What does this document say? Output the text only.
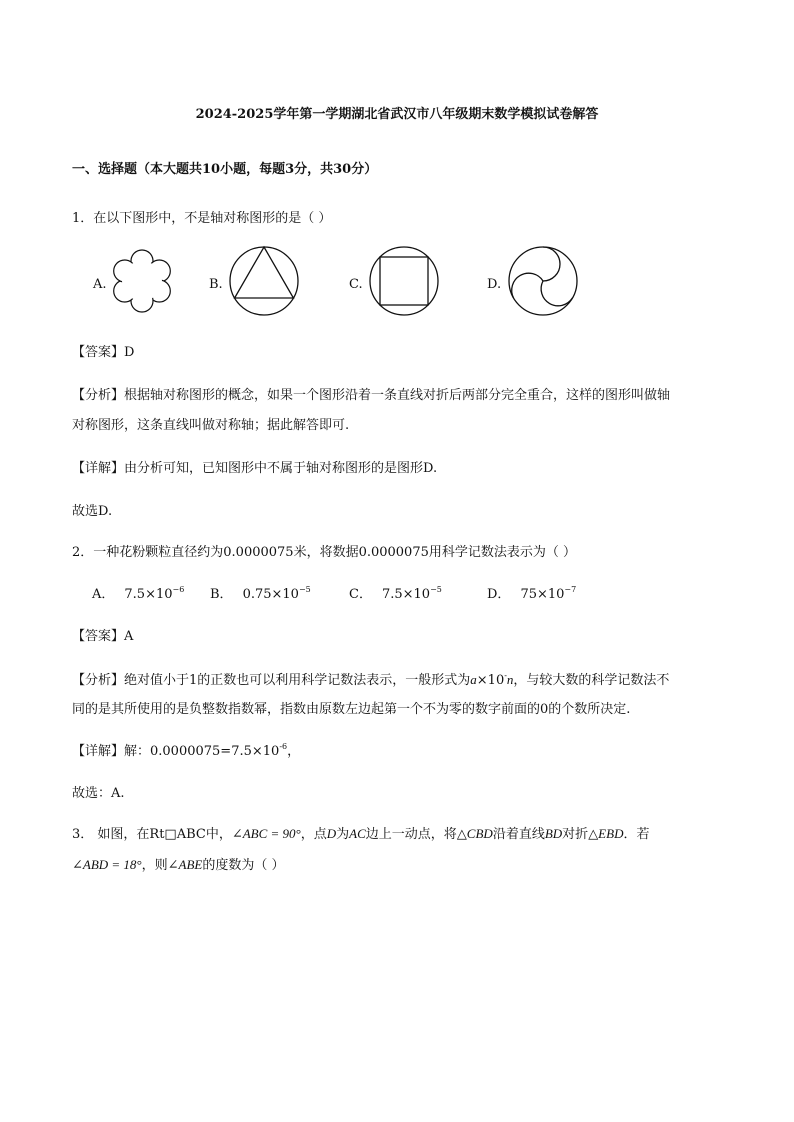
2024-2025学年第一学期湖北省武汉市八年级期末数学模拟试卷解答
一、选择题（本大题共10小题，每题3分，共30分）
1．在以下图形中，不是轴对称图形的是（ ）
A.	B.	C.	D.
【答案】D
【分析】根据轴对称图形的概念，如果一个图形沿着一条直线对折后两部分完全重合，这样的图形叫做轴
对称图形，这条直线叫做对称轴；据此解答即可.
【详解】由分析可知，已知图形中不属于轴对称图形的是图形D.
故选D.
2．一种花粉颗粒直径约为0.0000075米，将数据0.0000075用科学记数法表示为（ ）
A． $7.5\times 10^{-6}$ B． $0.75\times 10^{-5}$	C． $7.5\times 10^{-5}$	D． $75\times 10^{-7}$
【答案】A
【分析】绝对值小于1的正数也可以利用科学记数法表示，一般形式为a×10-n，与较大数的科学记数法不
同的是其所使用的是负整数指数幂，指数由原数左边起第一个不为零的数字前面的0的个数所决定.
【详解】解：$0.0000075=7.5\times 10^{-6}$，
故选：A.
3． 如图，在Rt□ABC中，∠ABC = 90°，点D为AC边上一动点，将△CBD沿着直线BD对折△EBD．若
∠ABD = 18°，则∠ABE的度数为（ ）
